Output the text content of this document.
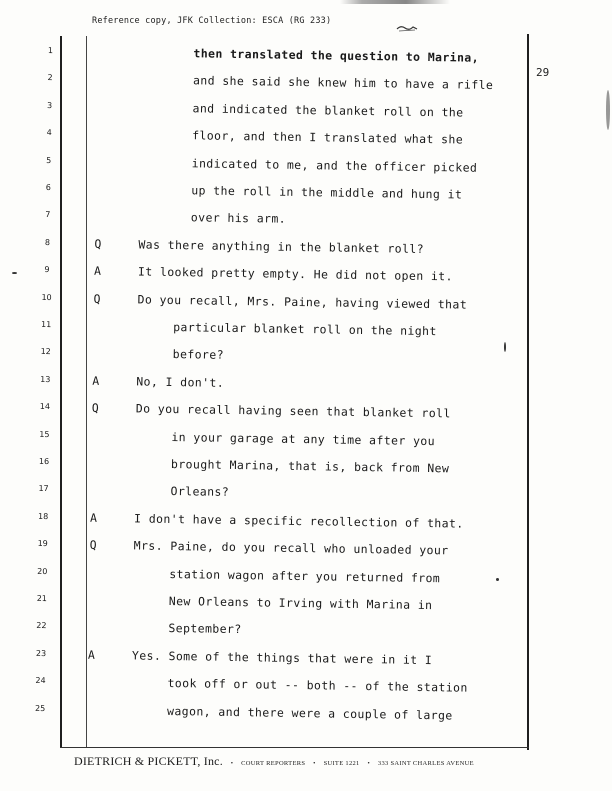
Reference copy, JFK Collection: ESCA (RG 233)
29
1	then translated the question to Marina,
2	and she said she knew him to have a rifle
3	and indicated the blanket roll on the
4	floor, and then I translated what she
5	indicated to me, and the officer picked
6	up the roll in the middle and hung it
7	over his arm.
8	Q	Was there anything in the blanket roll?
9	A	It looked pretty empty. He did not open it.
10	Q	Do you recall, Mrs. Paine, having viewed that
11	particular blanket roll on the night
12	before?
13	A	No, I don't.
14	Q	Do you recall having seen that blanket roll
15	in your garage at any time after you
16	brought Marina, that is, back from New
17	Orleans?
18	A	I don't have a specific recollection of that.
19	Q	Mrs. Paine, do you recall who unloaded your
20	station wagon after you returned from
21	New Orleans to Irving with Marina in
22	September?
23	A	Yes. Some of the things that were in it I
24	took off or out -- both -- of the station
25	wagon, and there were a couple of large
DIETRICH & PICKETT, Inc.   •   COURT REPORTERS   •   SUITE 1221   •   333 SAINT CHARLES AVENUE
